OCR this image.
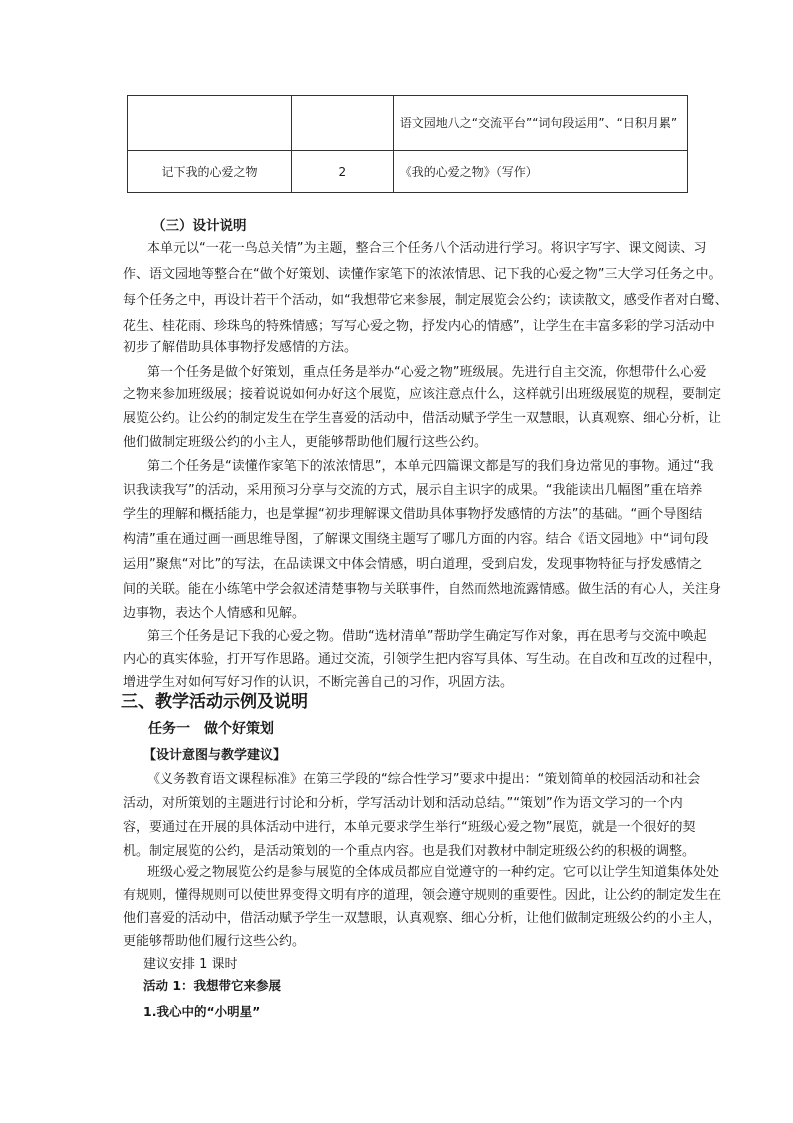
		语文园地八之“交流平台”“词句段运用”、“日积月累”
记下我的心爱之物	2	《我的心爱之物》（写作）
（三）设计说明
本单元以“一花一鸟总关情”为主题，整合三个任务八个活动进行学习。将识字写字、课文阅读、习
作、语文园地等整合在“做个好策划、读懂作家笔下的浓浓情思、记下我的心爱之物”三大学习任务之中。
每个任务之中，再设计若干个活动，如“我想带它来参展，制定展览会公约；读读散文，感受作者对白鹭、
花生、桂花雨、珍珠鸟的特殊情感；写写心爱之物，抒发内心的情感”，让学生在丰富多彩的学习活动中
初步了解借助具体事物抒发感情的方法。
第一个任务是做个好策划，重点任务是举办“心爱之物”班级展。先进行自主交流，你想带什么心爱
之物来参加班级展；接着说说如何办好这个展览，应该注意点什么，这样就引出班级展览的规程，要制定
展览公约。让公约的制定发生在学生喜爱的活动中，借活动赋予学生一双慧眼，认真观察、细心分析，让
他们做制定班级公约的小主人，更能够帮助他们履行这些公约。
第二个任务是“读懂作家笔下的浓浓情思”，本单元四篇课文都是写的我们身边常见的事物。通过“我
识我读我写”的活动，采用预习分享与交流的方式，展示自主识字的成果。“我能读出几幅图”重在培养
学生的理解和概括能力，也是掌握“初步理解课文借助具体事物抒发感情的方法”的基础。“画个导图结
构清”重在通过画一画思维导图，了解课文围绕主题写了哪几方面的内容。结合《语文园地》中“词句段
运用”聚焦“对比”的写法，在品读课文中体会情感，明白道理，受到启发，发现事物特征与抒发感情之
间的关联。能在小练笔中学会叙述清楚事物与关联事件，自然而然地流露情感。做生活的有心人，关注身
边事物，表达个人情感和见解。
第三个任务是记下我的心爱之物。借助“选材清单”帮助学生确定写作对象，再在思考与交流中唤起
内心的真实体验，打开写作思路。通过交流，引领学生把内容写具体、写生动。在自改和互改的过程中，
增进学生对如何写好习作的认识，不断完善自己的习作，巩固方法。
三、教学活动示例及说明
任务一 做个好策划
【设计意图与教学建议】
《义务教育语文课程标准》在第三学段的“综合性学习”要求中提出：“策划简单的校园活动和社会
活动，对所策划的主题进行讨论和分析，学写活动计划和活动总结。”“策划”作为语文学习的一个内
容，要通过在开展的具体活动中进行，本单元要求学生举行“班级心爱之物”展览，就是一个很好的契
机。制定展览的公约，是活动策划的一个重点内容。也是我们对教材中制定班级公约的积极的调整。
班级心爱之物展览公约是参与展览的全体成员都应自觉遵守的一种约定。它可以让学生知道集体处处
有规则，懂得规则可以使世界变得文明有序的道理，领会遵守规则的重要性。因此，让公约的制定发生在
他们喜爱的活动中，借活动赋予学生一双慧眼，认真观察、细心分析，让他们做制定班级公约的小主人，
更能够帮助他们履行这些公约。
建议安排 1 课时
活动 1：我想带它来参展
1.我心中的“小明星”
